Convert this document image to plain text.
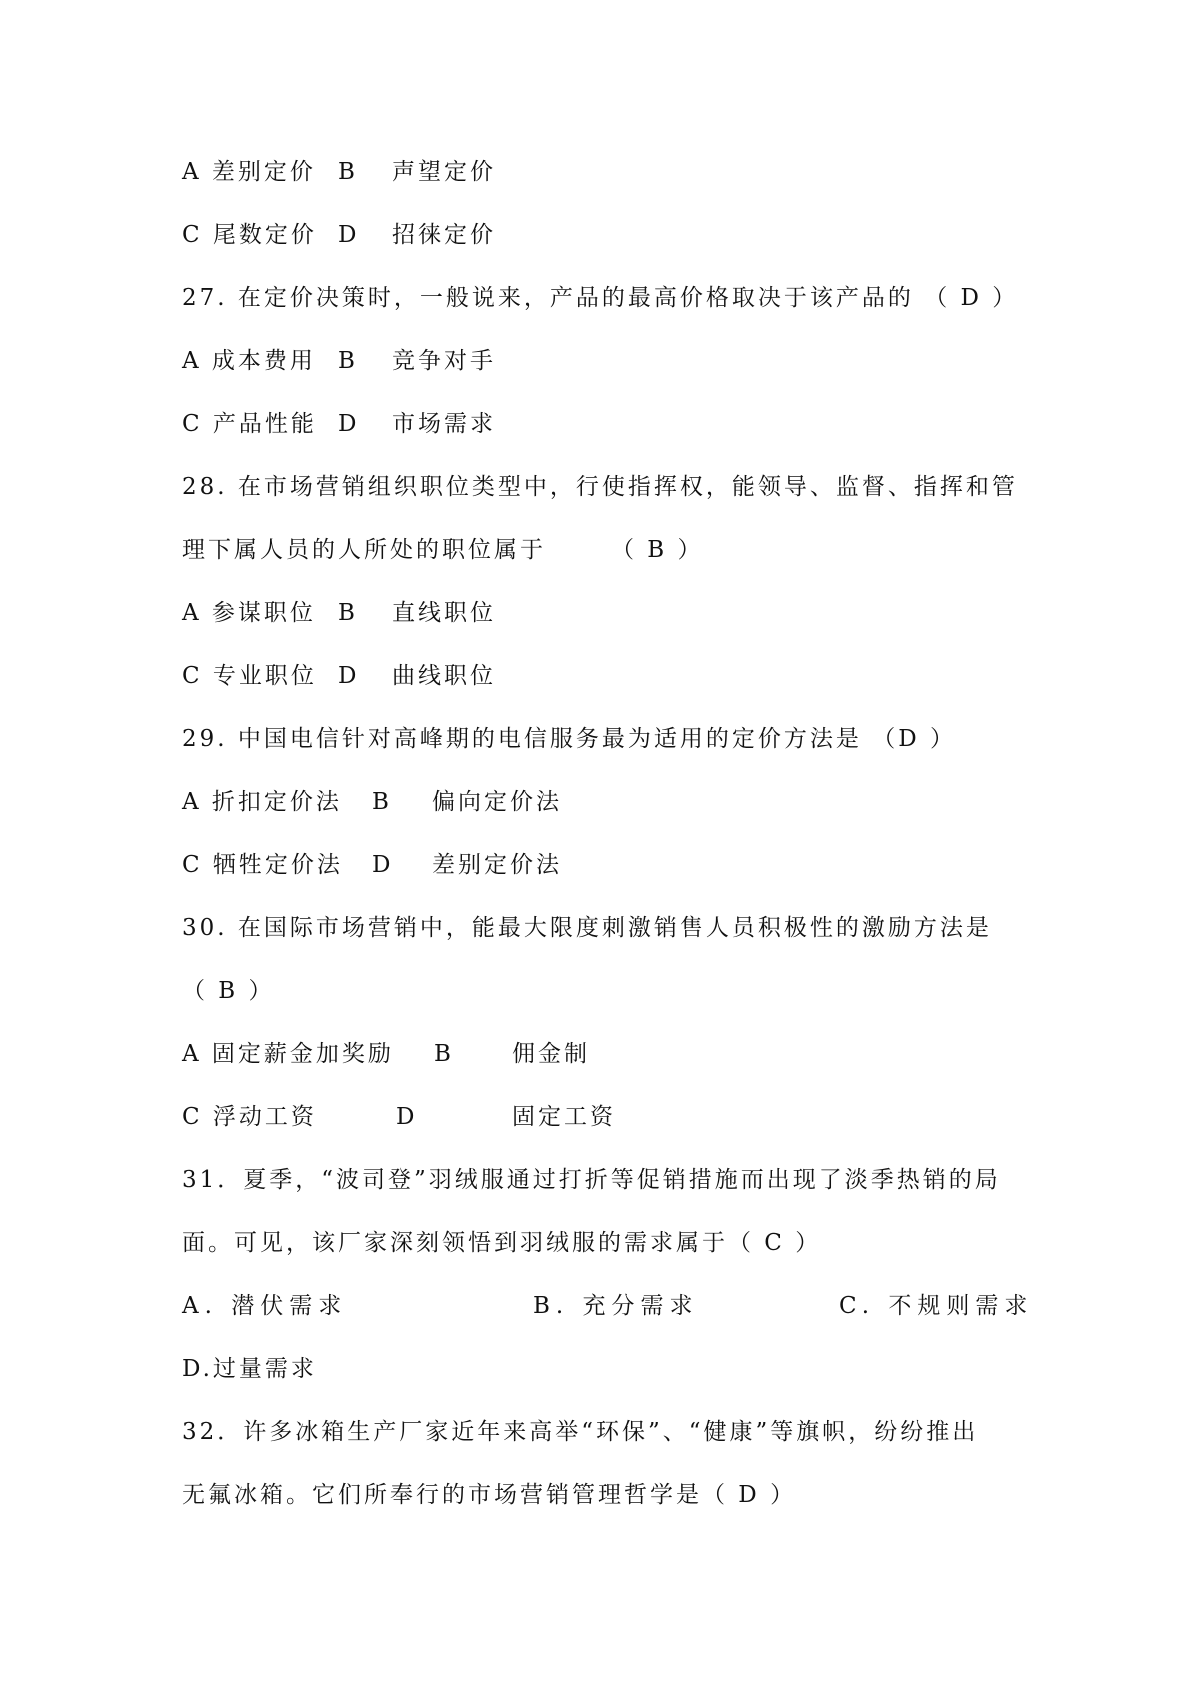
A 差别定价

B

声望定价

C 尾数定价

D

招徕定价

27. 在定价决策时，一般说来，产品的最高价格取决于该产品的 （ D ）

A 成本费用

B

竞争对手

C 产品性能

D

市场需求

28. 在市场营销组织职位类型中，行使指挥权，能领导、监督、指挥和管

理下属人员的人所处的职位属于

	（ B ）

A 参谋职位

B

直线职位

C 专业职位

D

曲线职位

29. 中国电信针对高峰期的电信服务最为适用的定价方法是 （D ）

A 折扣定价法

B

偏向定价法

C 牺牲定价法

D

差别定价法

30. 在国际市场营销中，能最大限度刺激销售人员积极性的激励方法是

（ B ）

A 固定薪金加奖励

B

	佣金制

C 浮动工资

	D

	固定工资

31．夏季，“波司登”羽绒服通过打折等促销措施而出现了淡季热销的局

面。可见，该厂家深刻领悟到羽绒服的需求属于（ C ）

A. 潜伏需求

	B. 充分需求

	C. 不规则需求

D.过量需求

32．许多冰箱生产厂家近年来高举“环保”、“健康”等旗帜，纷纷推出

无氟冰箱。它们所奉行的市场营销管理哲学是（ D ）
